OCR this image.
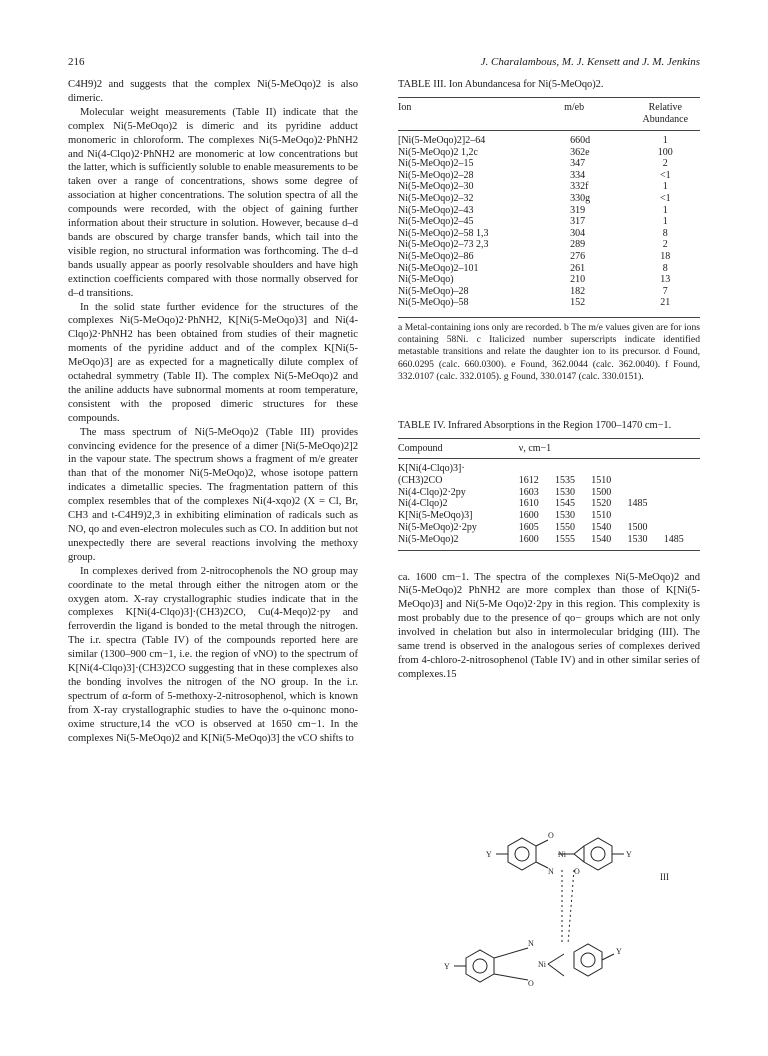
216	J. Charalambous, M. J. Kensett and J. M. Jenkins

C4H9)2 and suggests that the complex Ni(5-MeOqo)2 is also dimeric.

Molecular weight measurements (Table II) indicate that the complex Ni(5-MeOqo)2 is dimeric and its pyridine adduct monomeric in chloroform. The complexes Ni(5-MeOqo)2·PhNH2 and Ni(4-Clqo)2·PhNH2 are monomeric at low concentrations but the latter, which is sufficiently soluble to enable measurements to be taken over a range of concentrations, shows some degree of association at higher concentrations. The solution spectra of all the compounds were recorded, with the object of gaining further information about their structure in solution. However, because d–d bands are obscured by charge transfer bands, which tail into the visible region, no structural information was forthcoming. The d–d bands usually appear as poorly resolvable shoulders and have high extinction coefficients compared with those normally observed for d–d transitions.

In the solid state further evidence for the structures of the complexes Ni(5-MeOqo)2·PhNH2, K[Ni(5-MeOqo)3] and Ni(4-Clqo)2·PhNH2 has been obtained from studies of their magnetic moments of the pyridine adduct and of the complex K[Ni(5-MeOqo)3] are as expected for a magnetically dilute complex of octahedral symmetry (Table II). The complex Ni(5-MeOqo)2 and the aniline adducts have subnormal moments at room temperature, consistent with the proposed dimeric structures for these compounds.

The mass spectrum of Ni(5-MeOqo)2 (Table III) provides convincing evidence for the presence of a dimer [Ni(5-MeOqo)2]2 in the vapour state. The spectrum shows a fragment of m/e greater than that of the monomer Ni(5-MeOqo)2, whose isotope pattern indicates a dimetallic species. The fragmentation pattern of this complex resembles that of the complexes Ni(4-xqo)2 (X = Cl, Br, CH3 and t-C4H9)2,3 in exhibiting elimination of radicals such as NO, qo and even-electron molecules such as CO. In addition but not unexpectedly there are several reactions involving the methoxy group.

In complexes derived from 2-nitrocophenols the NO group may coordinate to the metal through either the nitrogen atom or the oxygen atom. X-ray crystallographic studies indicate that in the complexes K[Ni(4-Clqo)3]·(CH3)2CO, Cu(4-Meqo)2·py and ferroverdin the ligand is bonded to the metal through the nitrogen. The i.r. spectra (Table IV) of the compounds reported here are similar (1300–900 cm−1, i.e. the region of νNO) to the spectrum of K[Ni(4-Clqo)3]·(CH3)2CO suggesting that in these complexes also the bonding involves the nitrogen of the NO group. In the i.r. spectrum of α-form of 5-methoxy-2-nitrosophenol, which is known from X-ray crystallographic studies to have the o-quinonc mono-oxime structure,14 the νCO is observed at 1650 cm−1. In the complexes Ni(5-MeOqo)2 and K[Ni(5-MeOqo)3] the νCO shifts to

TABLE III. Ion Abundancesa for Ni(5-MeOqo)2.
Ion	m/eb	Relative Abundance
[Ni(5-MeOqo)2]2–64	660d	1
Ni(5-MeOqo)2 1,2c	362e	100
Ni(5-MeOqo)2–15	347	2
Ni(5-MeOqo)2–28	334	<1
Ni(5-MeOqo)2–30	332f	1
Ni(5-MeOqo)2–32	330g	<1
Ni(5-MeOqo)2–43	319	1
Ni(5-MeOqo)2–45	317	1
Ni(5-MeOqo)2–58 1,3	304	8
Ni(5-MeOqo)2–73 2,3	289	2
Ni(5-MeOqo)2–86	276	18
Ni(5-MeOqo)2–101	261	8
Ni(5-MeOqo)	210	13
Ni(5-MeOqo)–28	182	7
Ni(5-MeOqo)–58	152	21
a Metal-containing ions only are recorded. b The m/e values given are for ions containing 58Ni. c Italicized number superscripts indicate identified metastable transitions and relate the daughter ion to its precursor. d Found, 660.0295 (calc. 660.0300). e Found, 362.0044 (calc. 362.0040). f Found, 332.0107 (calc. 332.0105). g Found, 330.0147 (calc. 330.0151).
TABLE IV. Infrared Absorptions in the Region 1700–1470 cm−1.
Compound	ν, cm−1				

K[Ni(4-Clqo)3]·
(CH3)2CO	1612	1535	1510		

Ni(4-Clqo)2·2py	1603	1530	1500		

Ni(4-Clqo)2	1610	1545	1520	1485	

K[Ni(5-MeOqo)3]	1600	1530	1510		

Ni(5-MeOqo)2·2py	1605	1550	1540	1500	

Ni(5-MeOqo)2	1600	1555	1540	1530	1485

ca. 1600 cm−1. The spectra of the complexes Ni(5-MeOqo)2 and Ni(5-MeOqo)2 PhNH2 are more complex than those of K[Ni(5-MeOqo)3] and Ni(5-Me Oqo)2·2py in this region. This complexity is most probably due to the presence of qo− groups which are not only involved in chelation but also in intermolecular bridging (III). The same trend is observed in the analogous series of complexes derived from 4-chloro-2-nitrosophenol (Table IV) and in other similar series of complexes.15

Y
O
N
Ni
O
Y
Y
N
O
Ni
Y
III
